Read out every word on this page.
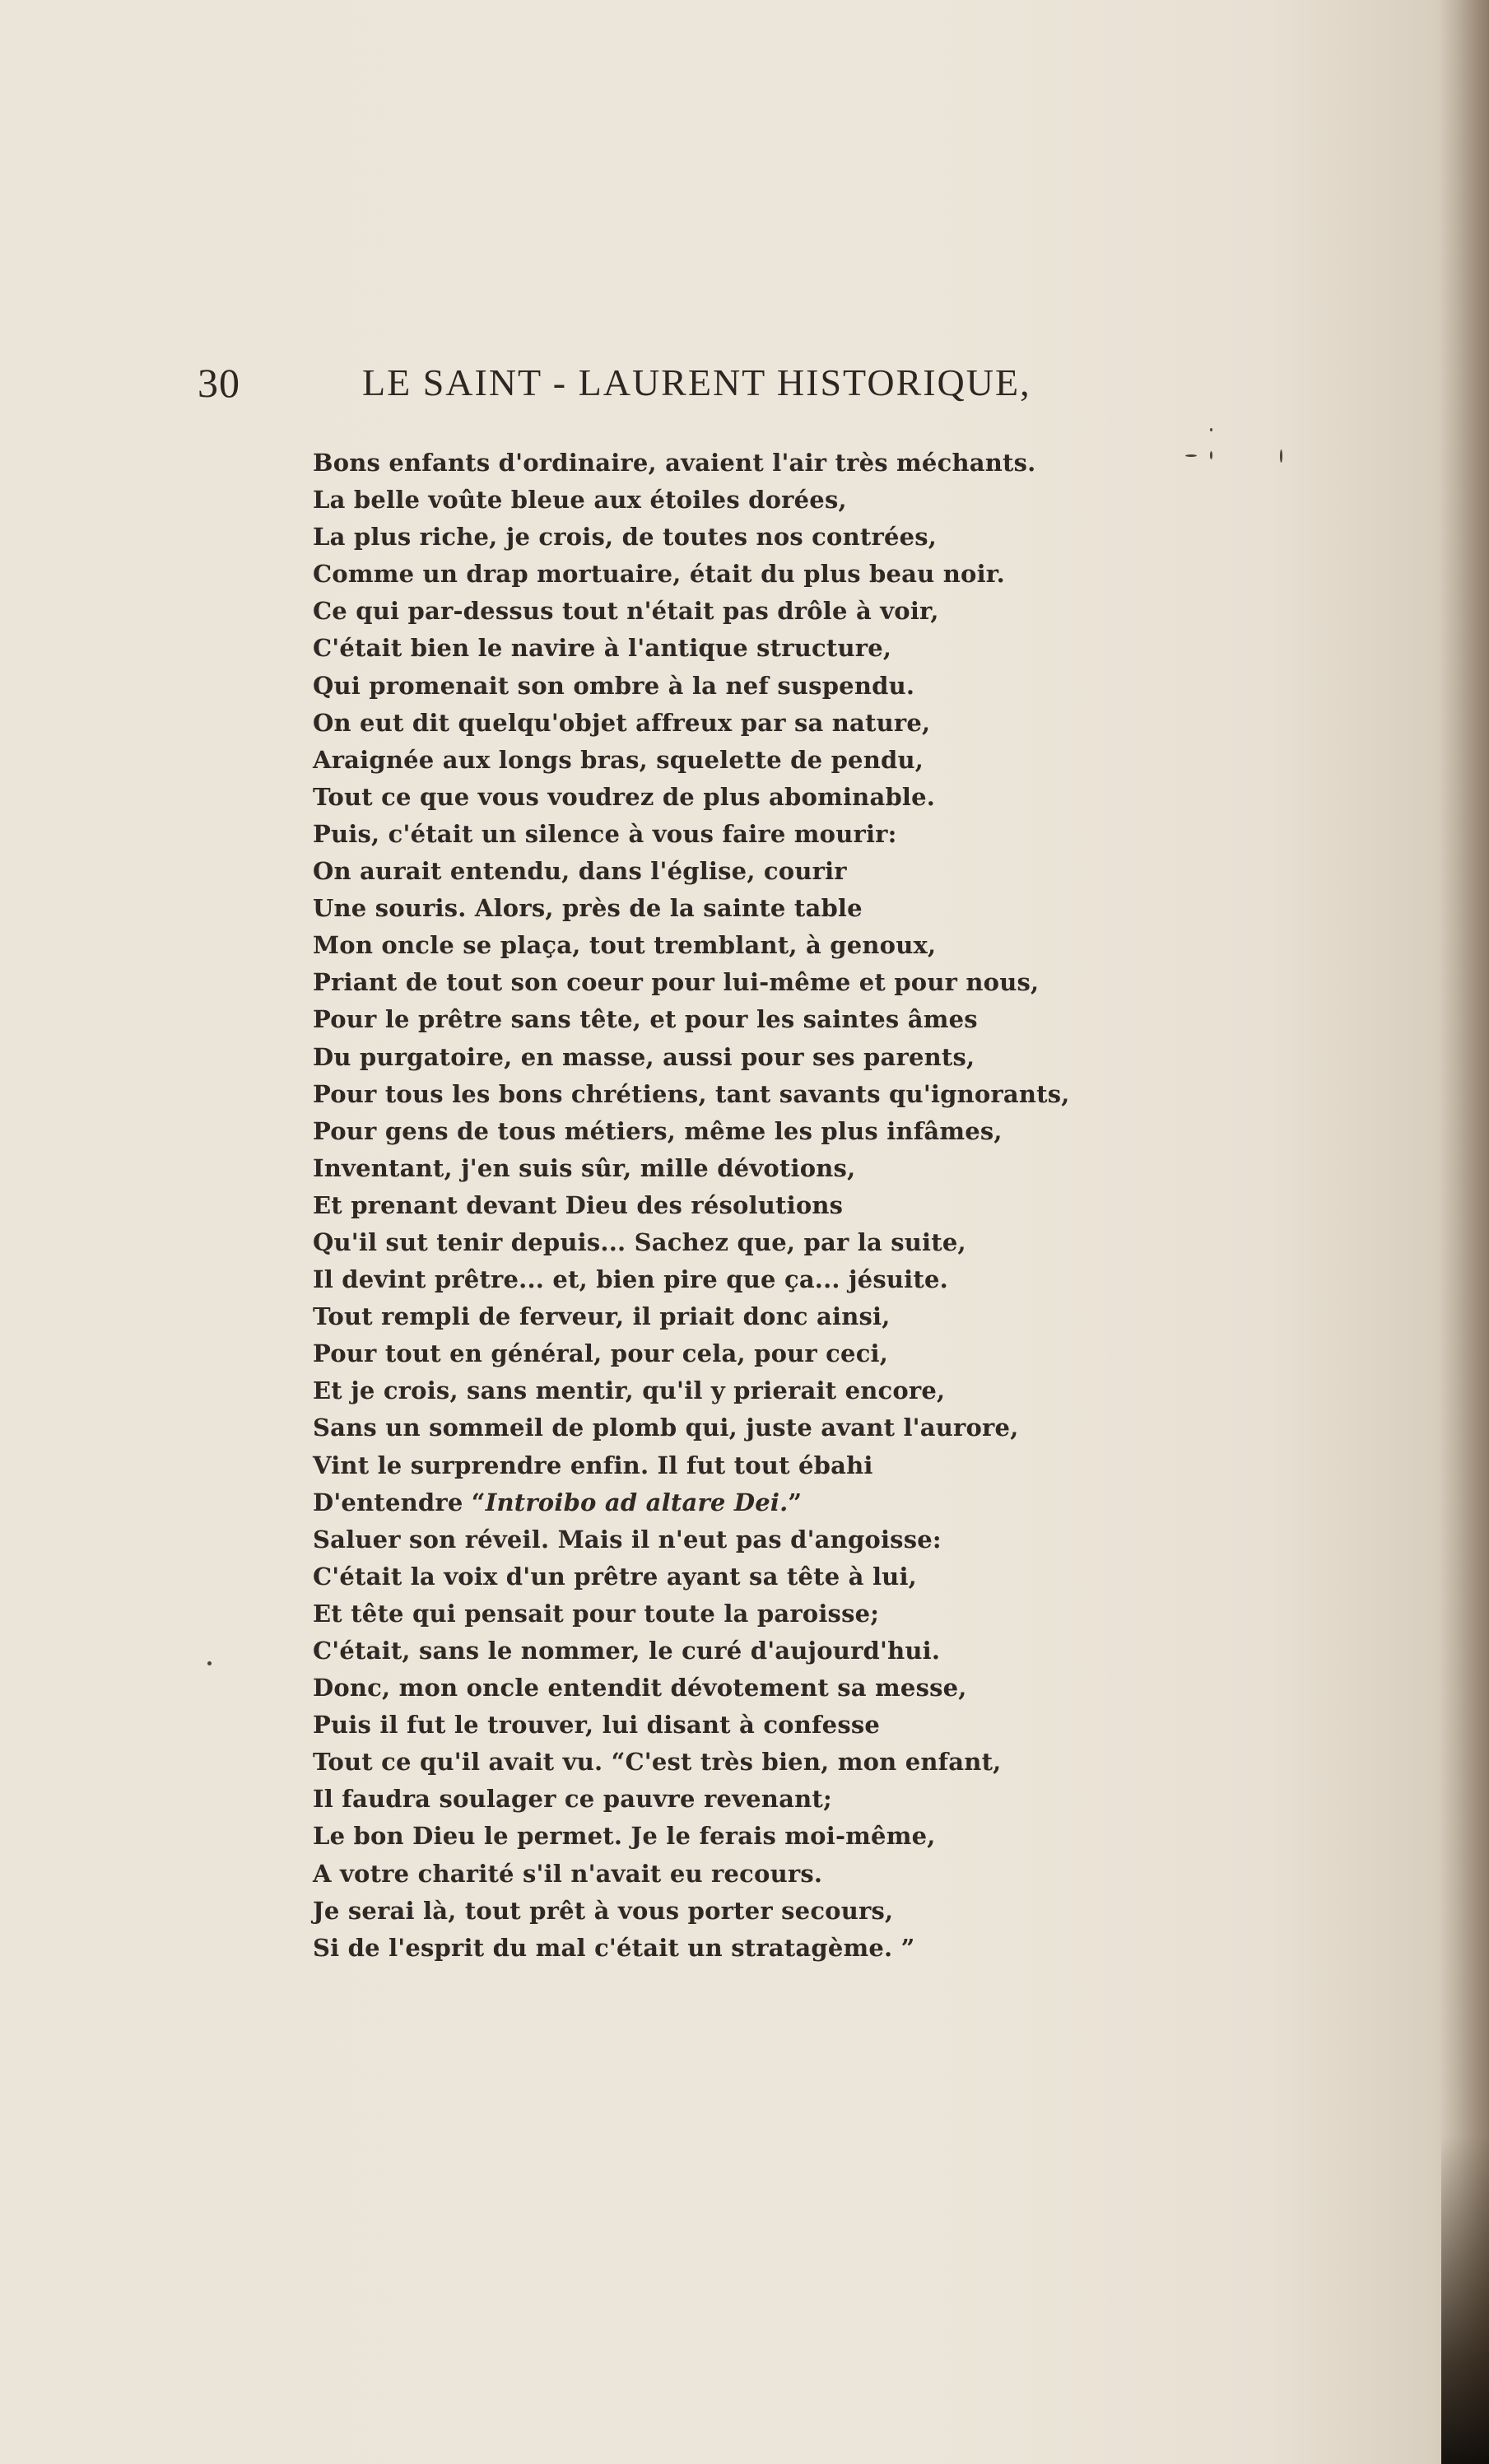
30	LE SAINT - LAURENT HISTORIQUE,
Bons enfants d'ordinaire, avaient l'air très méchants.
La belle voûte bleue aux étoiles dorées,
La plus riche, je crois, de toutes nos contrées,
Comme un drap mortuaire, était du plus beau noir.
Ce qui par-dessus tout n'était pas drôle à voir,
C'était bien le navire à l'antique structure,
Qui promenait son ombre à la nef suspendu.
On eut dit quelqu'objet affreux par sa nature,
Araignée aux longs bras, squelette de pendu,
Tout ce que vous voudrez de plus abominable.
Puis, c'était un silence à vous faire mourir:
On aurait entendu, dans l'église, courir
Une souris. Alors, près de la sainte table
Mon oncle se plaça, tout tremblant, à genoux,
Priant de tout son coeur pour lui-même et pour nous,
Pour le prêtre sans tête, et pour les saintes âmes
Du purgatoire, en masse, aussi pour ses parents,
Pour tous les bons chrétiens, tant savants qu'ignorants,
Pour gens de tous métiers, même les plus infâmes,
Inventant, j'en suis sûr, mille dévotions,
Et prenant devant Dieu des résolutions
Qu'il sut tenir depuis... Sachez que, par la suite,
Il devint prêtre... et, bien pire que ça... jésuite.
Tout rempli de ferveur, il priait donc ainsi,
Pour tout en général, pour cela, pour ceci,
Et je crois, sans mentir, qu'il y prierait encore,
Sans un sommeil de plomb qui, juste avant l'aurore,
Vint le surprendre enfin. Il fut tout ébahi
D'entendre “Introibo ad altare Dei.”
Saluer son réveil. Mais il n'eut pas d'angoisse:
C'était la voix d'un prêtre ayant sa tête à lui,
Et tête qui pensait pour toute la paroisse;
C'était, sans le nommer, le curé d'aujourd'hui.
Donc, mon oncle entendit dévotement sa messe,
Puis il fut le trouver, lui disant à confesse
Tout ce qu'il avait vu. “C'est très bien, mon enfant,
Il faudra soulager ce pauvre revenant;
Le bon Dieu le permet. Je le ferais moi-même,
A votre charité s'il n'avait eu recours.
Je serai là, tout prêt à vous porter secours,
Si de l'esprit du mal c'était un stratagème. ”
